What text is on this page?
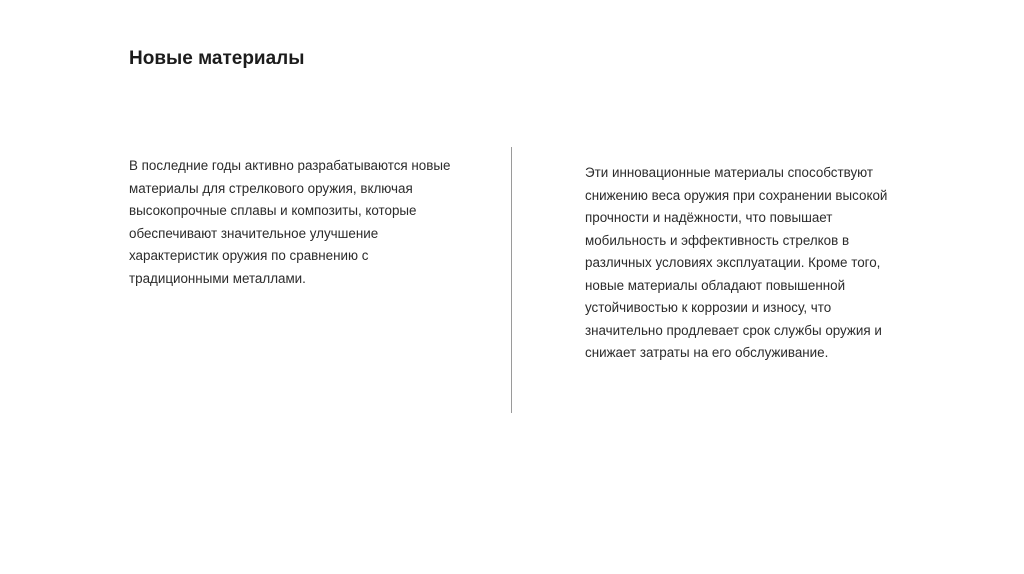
Новые материалы

В последние годы активно разрабатываются новые
материалы для стрелкового оружия, включая
высокопрочные сплавы и композиты, которые
обеспечивают значительное улучшение
характеристик оружия по сравнению с
традиционными металлами.

Эти инновационные материалы способствуют
снижению веса оружия при сохранении высокой
прочности и надёжности, что повышает
мобильность и эффективность стрелков в
различных условиях эксплуатации. Кроме того,
новые материалы обладают повышенной
устойчивостью к коррозии и износу, что
значительно продлевает срок службы оружия и
снижает затраты на его обслуживание.
